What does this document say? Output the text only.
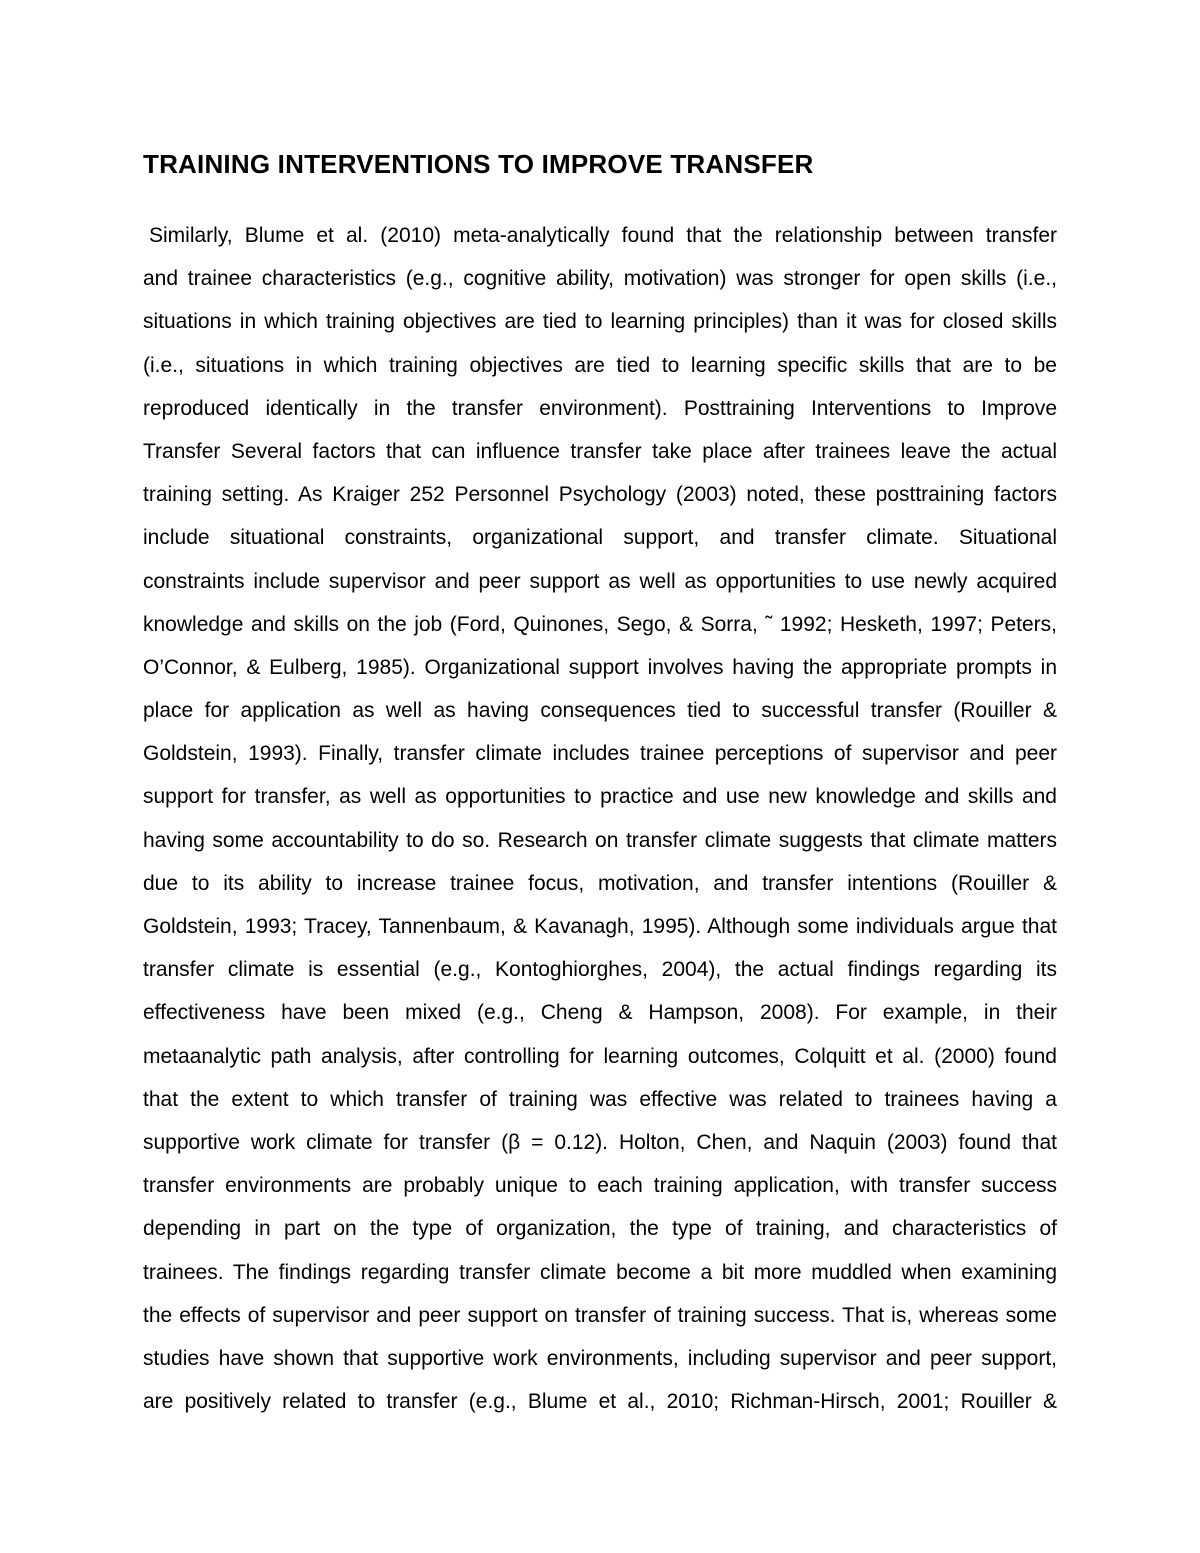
TRAINING INTERVENTIONS TO IMPROVE TRANSFER
Similarly, Blume et al. (2010) meta-analytically found that the relationship between transfer
and trainee characteristics (e.g., cognitive ability, motivation) was stronger for open skills (i.e.,
situations in which training objectives are tied to learning principles) than it was for closed skills
(i.e., situations in which training objectives are tied to learning specific skills that are to be
reproduced identically in the transfer environment). Posttraining Interventions to Improve
Transfer Several factors that can influence transfer take place after trainees leave the actual
training setting. As Kraiger 252 Personnel Psychology (2003) noted, these posttraining factors
include situational constraints, organizational support, and transfer climate. Situational
constraints include supervisor and peer support as well as opportunities to use newly acquired
knowledge and skills on the job (Ford, Quinones, Sego, & Sorra, ˜ 1992; Hesketh, 1997; Peters,
O’Connor, & Eulberg, 1985). Organizational support involves having the appropriate prompts in
place for application as well as having consequences tied to successful transfer (Rouiller &
Goldstein, 1993). Finally, transfer climate includes trainee perceptions of supervisor and peer
support for transfer, as well as opportunities to practice and use new knowledge and skills and
having some accountability to do so. Research on transfer climate suggests that climate matters
due to its ability to increase trainee focus, motivation, and transfer intentions (Rouiller &
Goldstein, 1993; Tracey, Tannenbaum, & Kavanagh, 1995). Although some individuals argue that
transfer climate is essential (e.g., Kontoghiorghes, 2004), the actual findings regarding its
effectiveness have been mixed (e.g., Cheng & Hampson, 2008). For example, in their
metaanalytic path analysis, after controlling for learning outcomes, Colquitt et al. (2000) found
that the extent to which transfer of training was effective was related to trainees having a
supportive work climate for transfer (β = 0.12). Holton, Chen, and Naquin (2003) found that
transfer environments are probably unique to each training application, with transfer success
depending in part on the type of organization, the type of training, and characteristics of
trainees. The findings regarding transfer climate become a bit more muddled when examining
the effects of supervisor and peer support on transfer of training success. That is, whereas some
studies have shown that supportive work environments, including supervisor and peer support,
are positively related to transfer (e.g., Blume et al., 2010; Richman-Hirsch, 2001; Rouiller &
